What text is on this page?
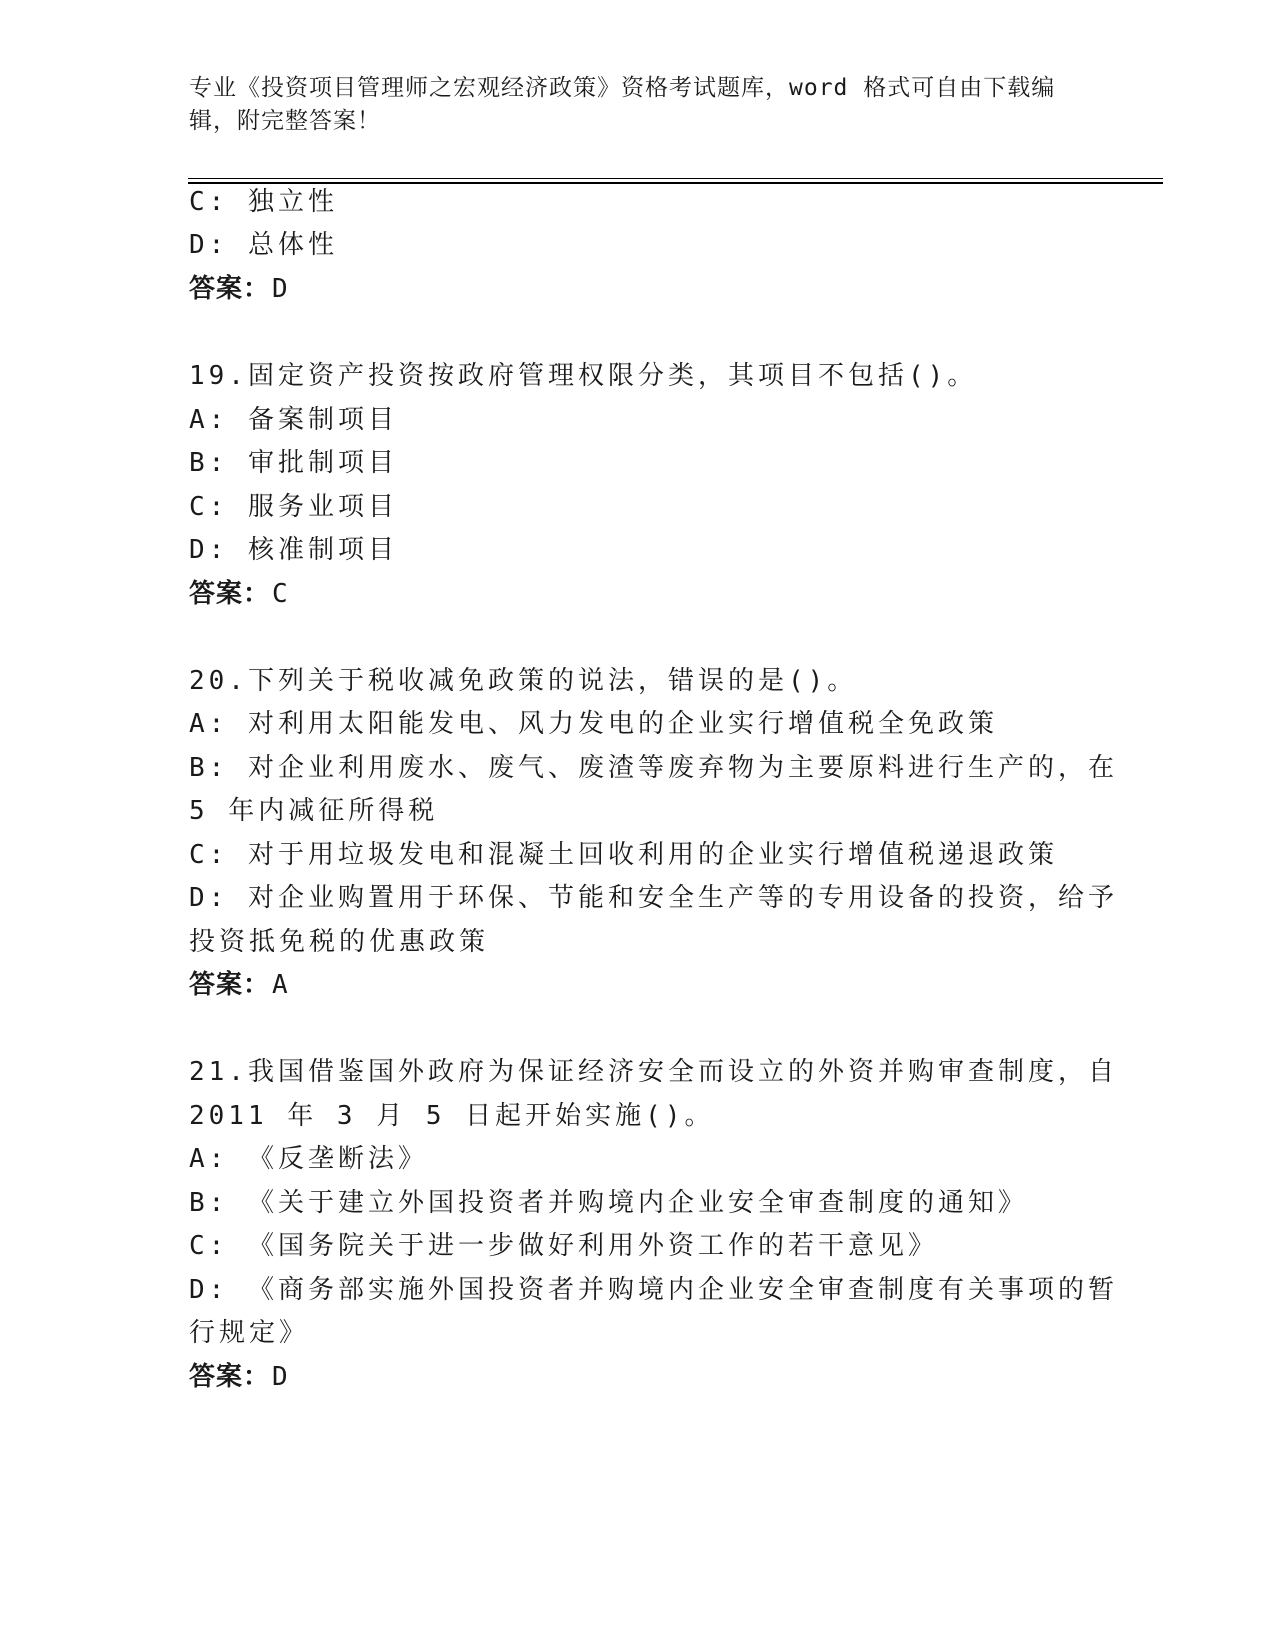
专业《投资项目管理师之宏观经济政策》资格考试题库，word 格式可自由下载编
辑，附完整答案！
C: 独立性
D: 总体性
答案：D
19.固定资产投资按政府管理权限分类，其项目不包括()。
A: 备案制项目
B: 审批制项目
C: 服务业项目
D: 核准制项目
答案：C
20.下列关于税收减免政策的说法，错误的是()。
A: 对利用太阳能发电、风力发电的企业实行增值税全免政策
B: 对企业利用废水、废气、废渣等废弃物为主要原料进行生产的，在
5 年内减征所得税
C: 对于用垃圾发电和混凝土回收利用的企业实行增值税递退政策
D: 对企业购置用于环保、节能和安全生产等的专用设备的投资，给予
投资抵免税的优惠政策
答案：A
21.我国借鉴国外政府为保证经济安全而设立的外资并购审查制度，自
2011 年 3 月 5 日起开始实施()。
A: 《反垄断法》
B: 《关于建立外国投资者并购境内企业安全审查制度的通知》
C: 《国务院关于进一步做好利用外资工作的若干意见》
D: 《商务部实施外国投资者并购境内企业安全审查制度有关事项的暂
行规定》
答案：D
